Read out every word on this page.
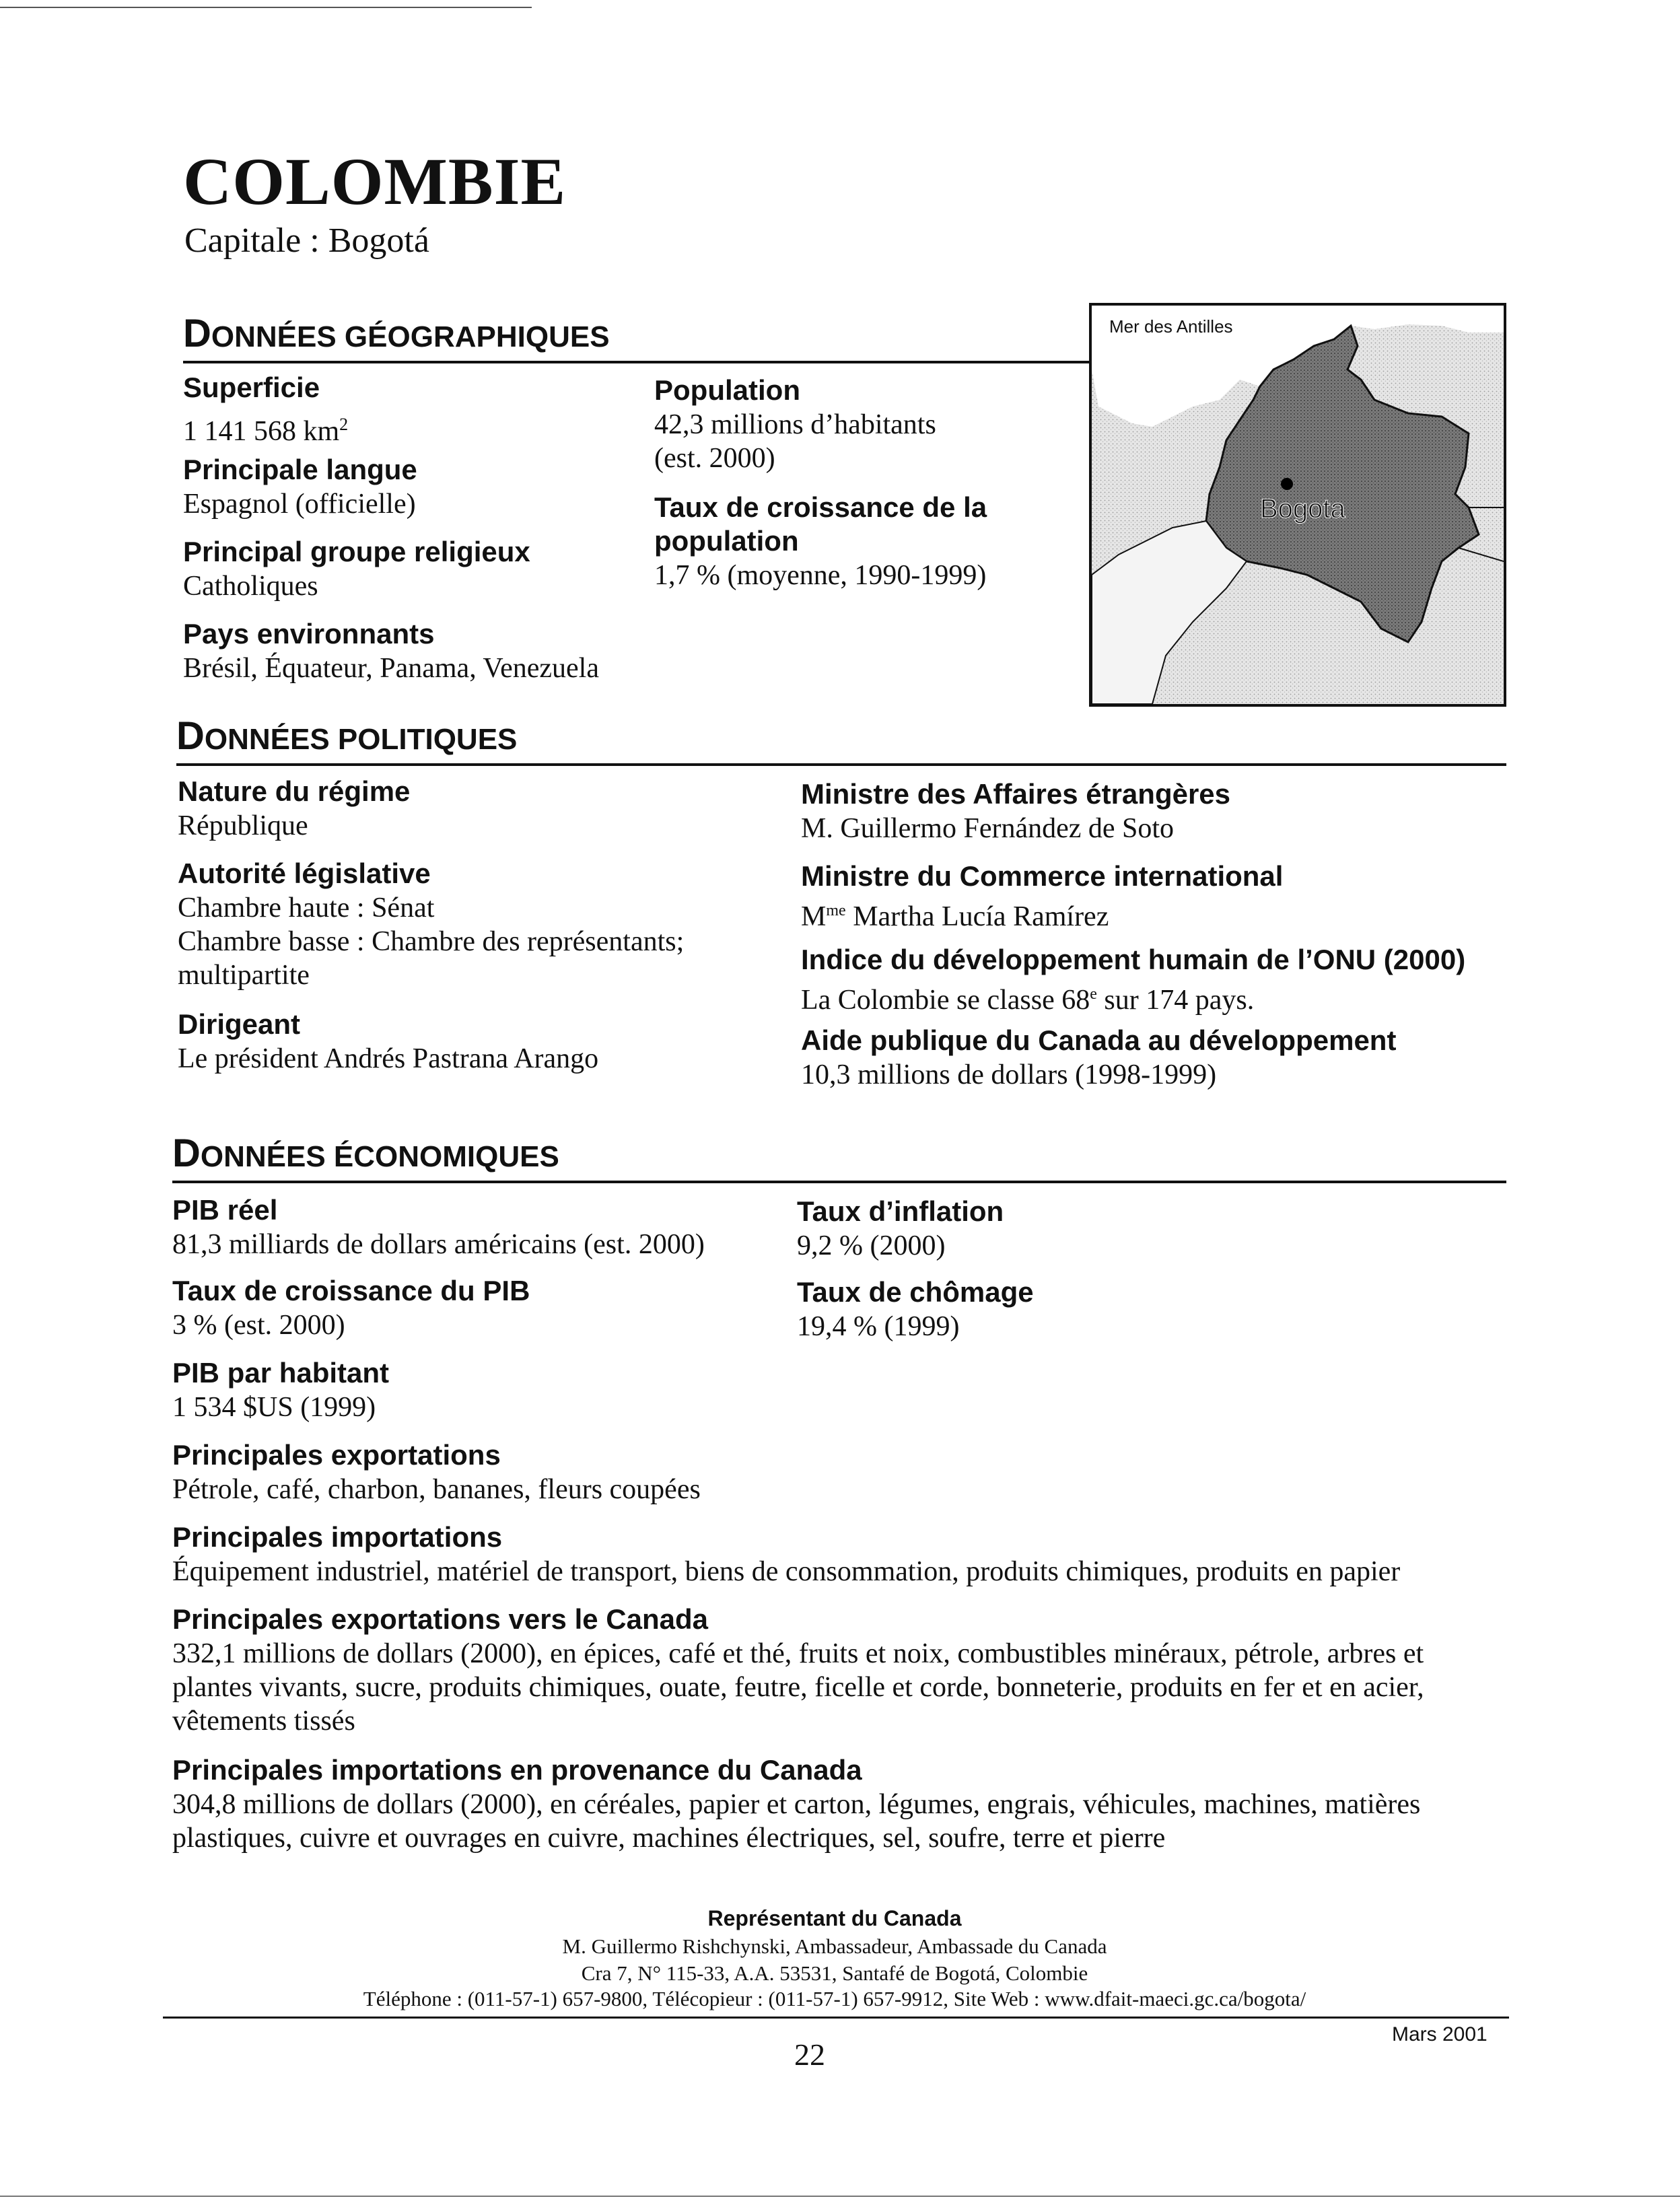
COLOMBIE
Capitale : Bogotá
DONNÉES GÉOGRAPHIQUES
Superficie
1 141 568 $km^2$
Principale langue
Espagnol (officielle)
Principal groupe religieux
Catholiques
Pays environnants
Brésil, Équateur, Panama, Venezuela
Population
42,3 millions d’habitants
(est. 2000)
Taux de croissance de la
population
1,7 % (moyenne, 1990-1999)
Bogota
Mer des Antilles
DONNÉES POLITIQUES
Nature du régime
République
Autorité législative
Chambre haute : Sénat
Chambre basse : Chambre des représentants;
multipartite
Dirigeant
Le président Andrés Pastrana Arango
Ministre des Affaires étrangères
M. Guillermo Fernández de Soto
Ministre du Commerce international
$M^{me}$ Martha Lucía Ramírez
Indice du développement humain de l’ONU (2000)
La Colombie se classe 68e sur 174 pays.
Aide publique du Canada au développement
10,3 millions de dollars (1998-1999)
DONNÉES ÉCONOMIQUES
PIB réel
81,3 milliards de dollars américains (est. 2000)
Taux de croissance du PIB
3 % (est. 2000)
PIB par habitant
1 534 $US (1999)
Taux d’inflation
9,2 % (2000)
Taux de chômage
19,4 % (1999)
Principales exportations
Pétrole, café, charbon, bananes, fleurs coupées
Principales importations
Équipement industriel, matériel de transport, biens de consommation, produits chimiques, produits en papier
Principales exportations vers le Canada
332,1 millions de dollars (2000), en épices, café et thé, fruits et noix, combustibles minéraux, pétrole, arbres et
plantes vivants, sucre, produits chimiques, ouate, feutre, ficelle et corde, bonneterie, produits en fer et en acier,
vêtements tissés
Principales importations en provenance du Canada
304,8 millions de dollars (2000), en céréales, papier et carton, légumes, engrais, véhicules, machines, matières
plastiques, cuivre et ouvrages en cuivre, machines électriques, sel, soufre, terre et pierre
Représentant du Canada
M. Guillermo Rishchynski, Ambassadeur, Ambassade du Canada
Cra 7, N° 115-33, A.A. 53531, Santafé de Bogotá, Colombie
Téléphone : (011-57-1) 657-9800, Télécopieur : (011-57-1) 657-9912, Site Web : www.dfait-maeci.gc.ca/bogota/
Mars 2001
22
